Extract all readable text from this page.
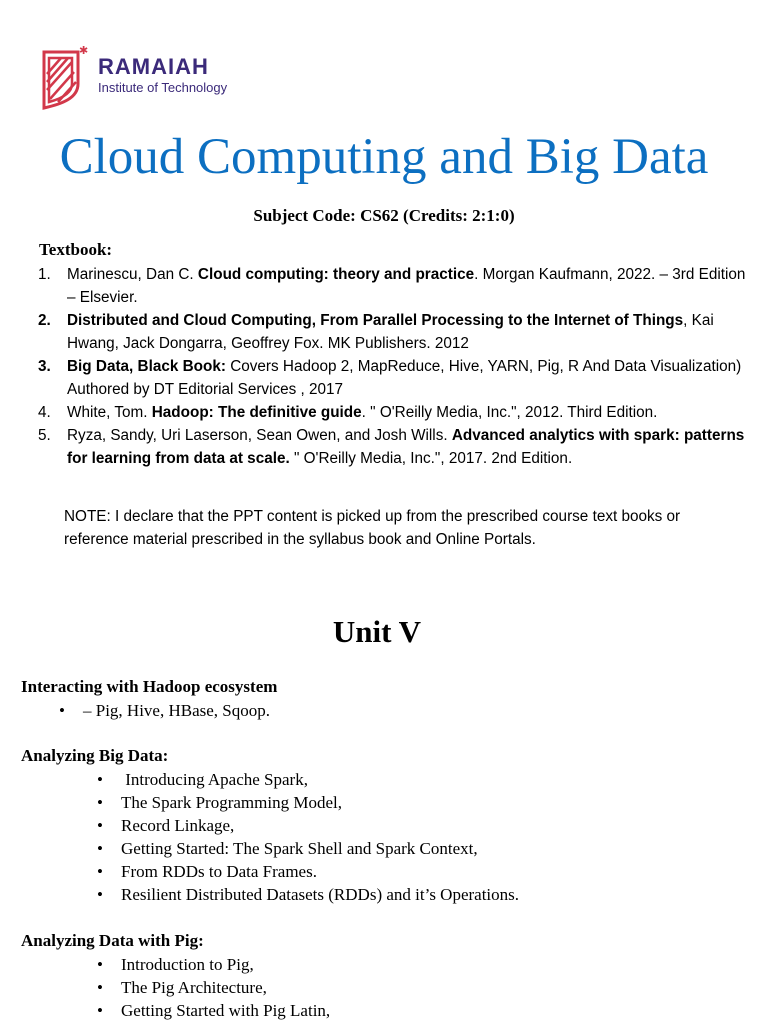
✱
RAMAIAH
Institute of Technology
Cloud Computing and Big Data
Subject Code: CS62 (Credits: 2:1:0)
Textbook:
1.	Marinescu, Dan C. Cloud computing: theory and practice. Morgan Kaufmann, 2022. – 3rd Edition – Elsevier.
2.	Distributed and Cloud Computing, From Parallel Processing to the Internet of Things, Kai Hwang, Jack Dongarra, Geoffrey Fox. MK Publishers. 2012
3.	Big Data, Black Book: Covers Hadoop 2, MapReduce, Hive, YARN, Pig, R And Data Visualization) Authored by DT Editorial Services , 2017
4.	White, Tom. Hadoop: The definitive guide. " O'Reilly Media, Inc.", 2012. Third Edition.
5.	Ryza, Sandy, Uri Laserson, Sean Owen, and Josh Wills. Advanced analytics with spark: patterns for learning from data at scale. " O'Reilly Media, Inc.", 2017. 2nd Edition.
NOTE: I declare that the PPT content is picked up from the prescribed course text books or reference material prescribed in the syllabus book and Online Portals.
Unit V
Interacting with Hadoop ecosystem
• – Pig, Hive, HBase, Sqoop.
Analyzing Big Data:
•  Introducing Apache Spark,
• The Spark Programming Model,
• Record Linkage,
• Getting Started: The Spark Shell and Spark Context,
• From RDDs to Data Frames.
• Resilient Distributed Datasets (RDDs) and it’s Operations.
Analyzing Data with Pig:
• Introduction to Pig,
• The Pig Architecture,
• Getting Started with Pig Latin,
